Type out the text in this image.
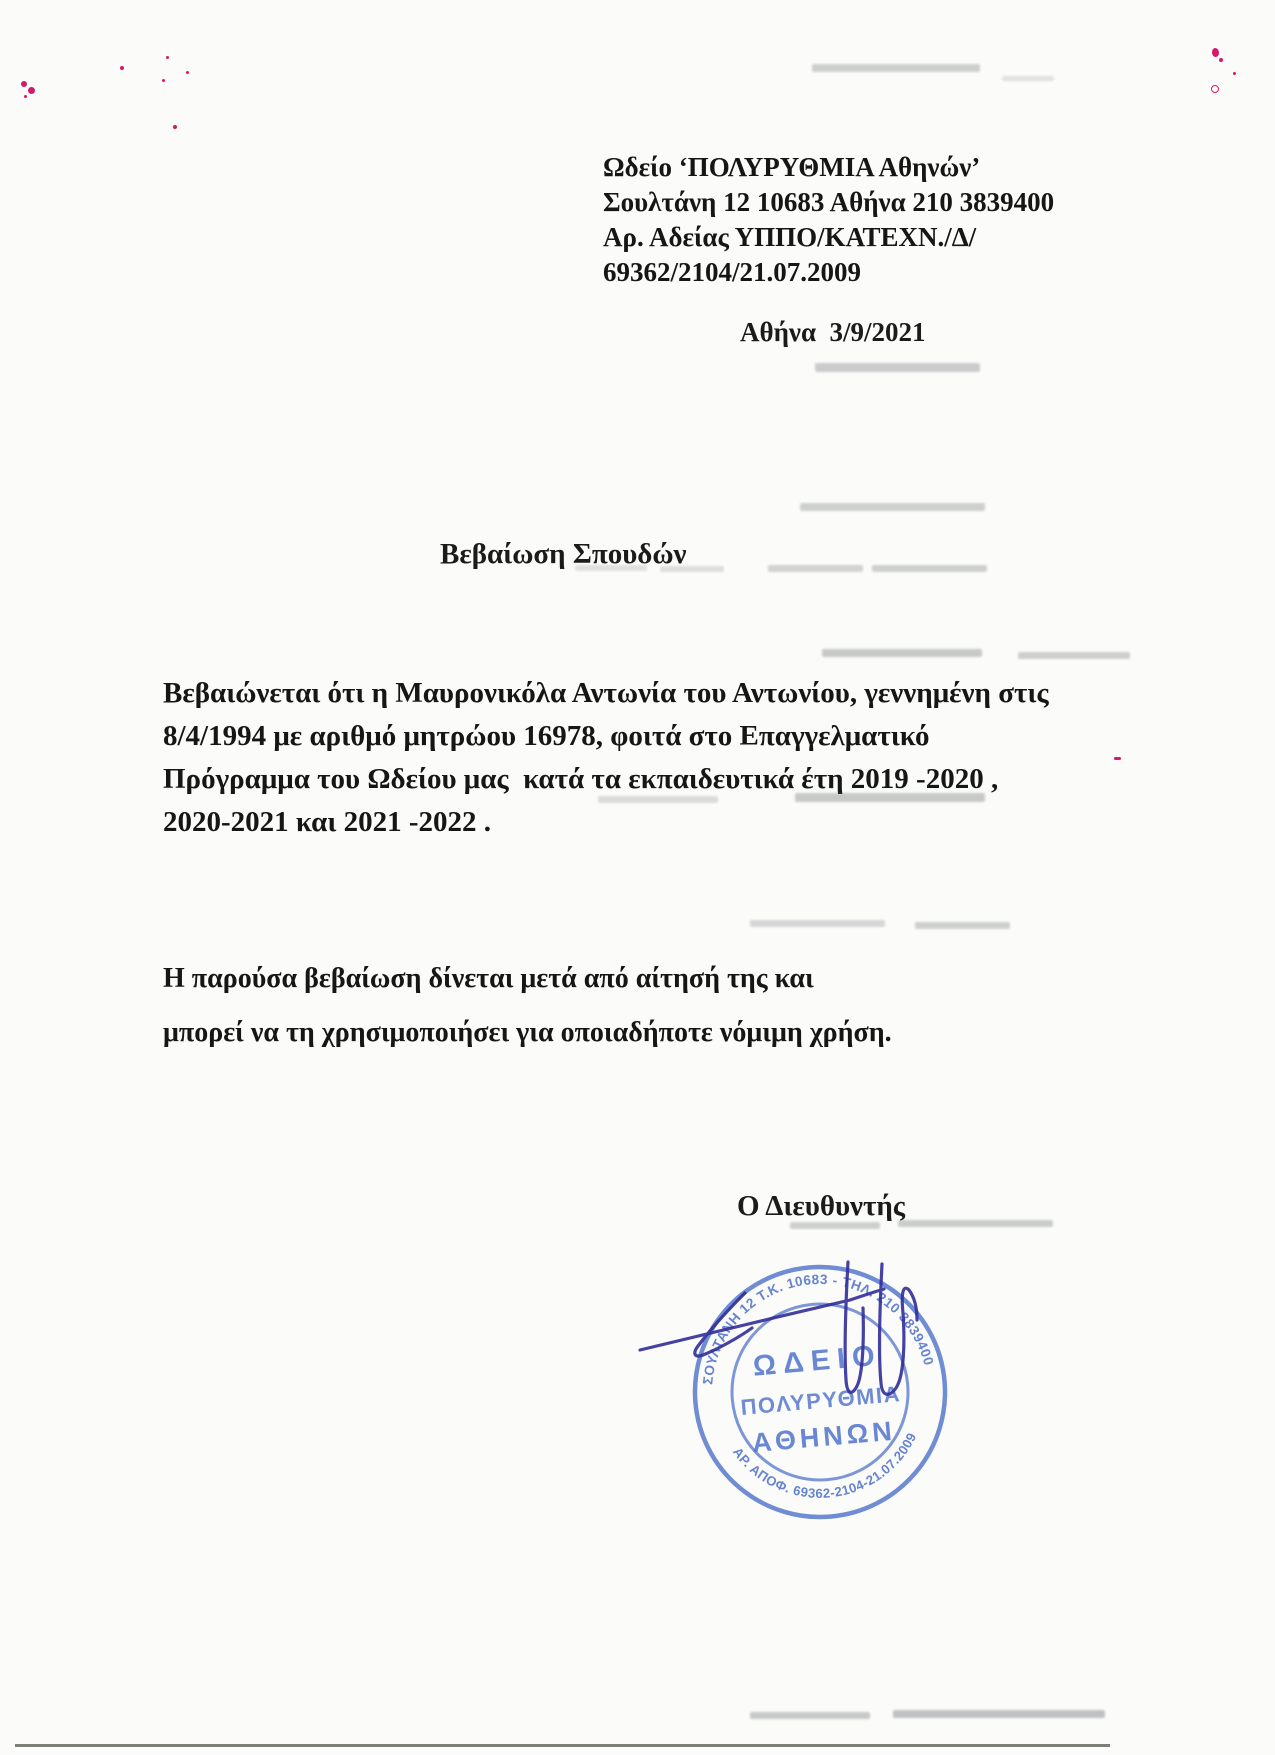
Ωδείο ‘ΠΟΛΥΡΥΘΜΙΑ Αθηνών’
Σουλτάνη 12 10683 Αθήνα 210 3839400
Αρ. Αδείας ΥΠΠΟ/ΚΑΤΕΧΝ./Δ/
69362/2104/21.07.2009
Αθήνα  3/9/2021
Βεβαίωση Σπουδών
Βεβαιώνεται ότι η Μαυρονικόλα Αντωνία του Αντωνίου, γεννημένη στις
8/4/1994 με αριθμό μητρώου 16978, φοιτά στο Επαγγελματικό
Πρόγραμμα του Ωδείου μας  κατά τα εκπαιδευτικά έτη 2019 -2020 ,
2020-2021 και 2021 -2022 .
Η παρούσα βεβαίωση δίνεται μετά από αίτησή της και
μπορεί να τη χρησιμοποιήσει για οποιαδήποτε νόμιμη χρήση.
Ο Διευθυντής
ΣΟΥΛΤΑΝΗ 12 Τ.Κ. 10683 - ΤΗΛ. 210 3839400
ΑΡ. ΑΠΟΦ. 69362-2104-21.07.2009
ΩΔΕΙΟ
ΠΟΛΥΡΥΘΜΙΑ
ΑΘΗΝΩΝ
